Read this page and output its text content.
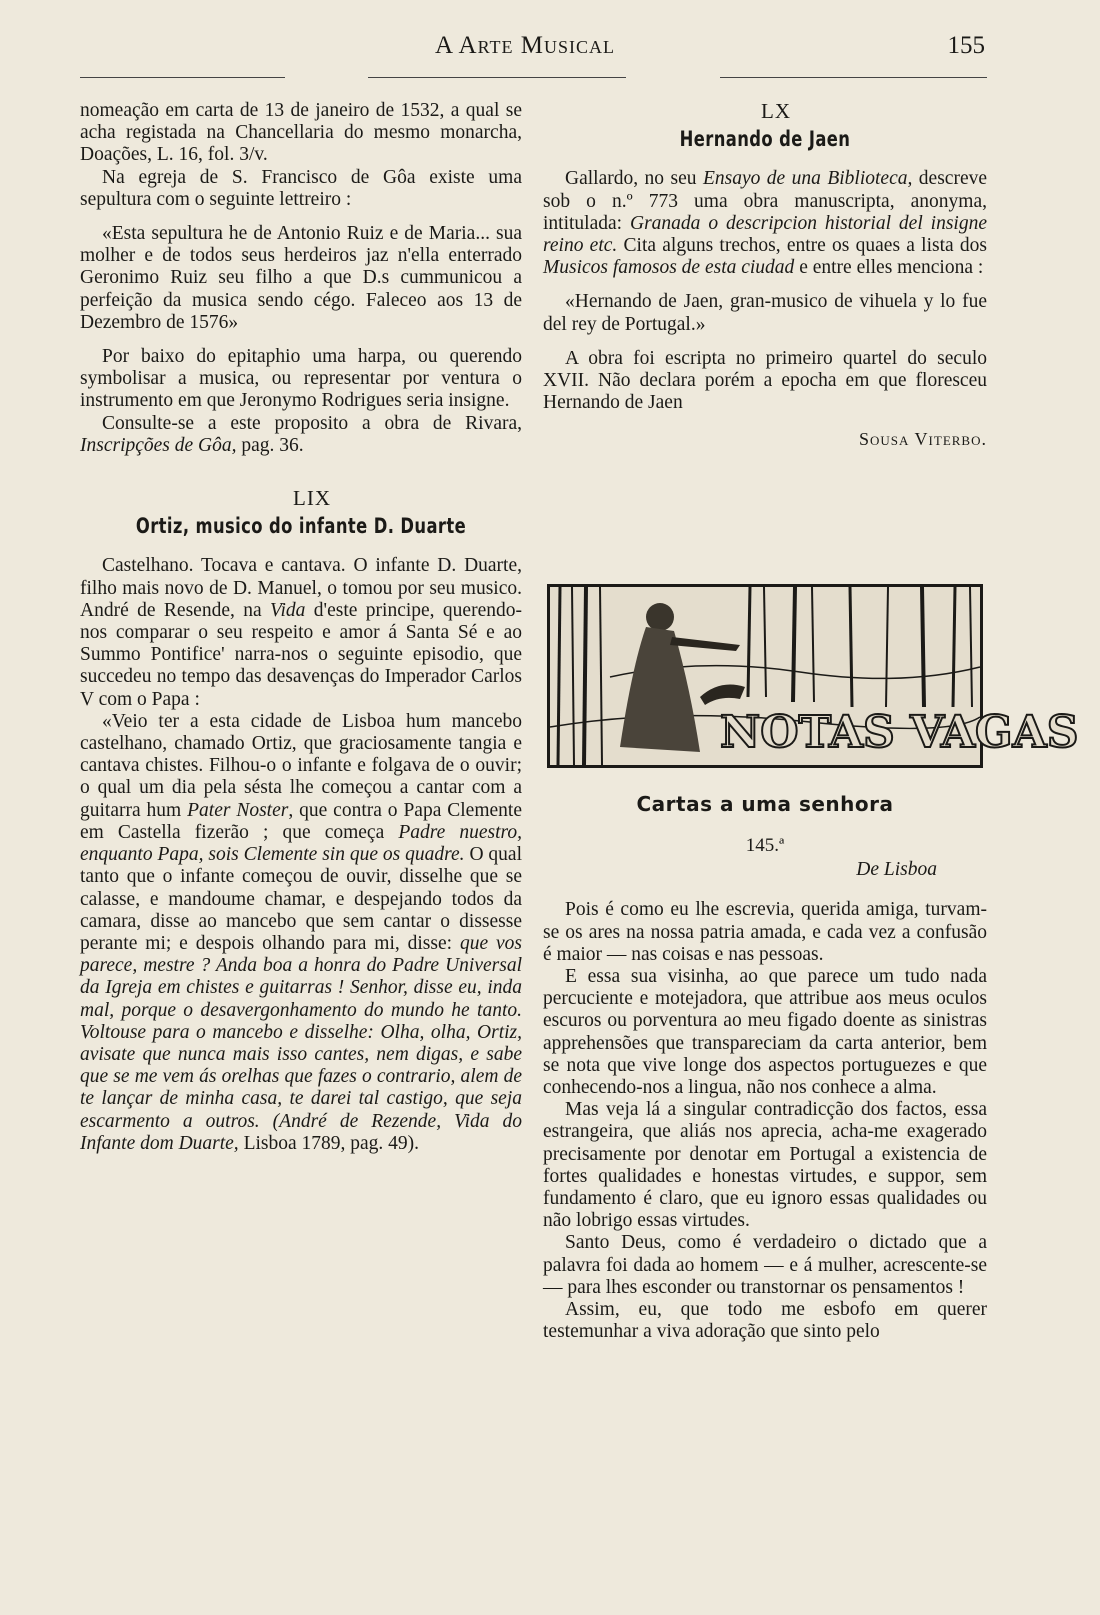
A Arte Musical	155

nomeação em carta de 13 de janeiro de 1532, a qual se acha registada na Chancellaria do mesmo monarcha, Doações, L. 16, fol. 3/v.

Na egreja de S. Francisco de Gôa existe uma sepultura com o seguinte lettreiro :

«Esta sepultura he de Antonio Ruiz e de Maria... sua molher e de todos seus herdeiros jaz n'ella enterrado Geronimo Ruiz seu filho a que D.s cummunicou a perfeição da musica sendo cégo. Faleceo aos 13 de Dezembro de 1576»

Por baixo do epitaphio uma harpa, ou querendo symbolisar a musica, ou representar por ventura o instrumento em que Jeronymo Rodrigues seria insigne.

Consulte-se a este proposito a obra de Rivara, Inscripções de Gôa, pag. 36.

LIX

Ortiz, musico do infante D. Duarte

Castelhano. Tocava e cantava. O infante D. Duarte, filho mais novo de D. Manuel, o tomou por seu musico. André de Resende, na Vida d'este principe, querendo-nos comparar o seu respeito e amor á Santa Sé e ao Summo Pontifice' narra-nos o seguinte episodio, que succedeu no tempo das desavenças do Imperador Carlos V com o Papa :

«Veio ter a esta cidade de Lisboa hum mancebo castelhano, chamado Ortiz, que graciosamente tangia e cantava chistes. Filhou-o o infante e folgava de o ouvir; o qual um dia pela sésta lhe começou a cantar com a guitarra hum Pater Noster, que contra o Papa Clemente em Castella fizerão ; que começa Padre nuestro, enquanto Papa, sois Clemente sin que os quadre. O qual tanto que o infante começou de ouvir, disselhe que se calasse, e mandoume chamar, e despejando todos da camara, disse ao mancebo que sem cantar o dissesse perante mi; e despois olhando para mi, disse: que vos parece, mestre ? Anda boa a honra do Padre Universal da Igreja em chistes e guitarras ! Senhor, disse eu, inda mal, porque o desavergonhamento do mundo he tanto. Voltouse para o mancebo e disselhe: Olha, olha, Ortiz, avisate que nunca mais isso cantes, nem digas, e sabe que se me vem ás orelhas que fazes o contrario, alem de te lançar de minha casa, te darei tal castigo, que seja escarmento a outros. (André de Rezende, Vida do Infante dom Duarte, Lisboa 1789, pag. 49).

LX

Hernando de Jaen

Gallardo, no seu Ensayo de una Biblioteca, descreve sob o n.º 773 uma obra manuscripta, anonyma, intitulada: Granada o descripcion historial del insigne reino etc. Cita alguns trechos, entre os quaes a lista dos Musicos famosos de esta ciudad e entre elles menciona :

«Hernando de Jaen, gran-musico de vihuela y lo fue del rey de Portugal.»

A obra foi escripta no primeiro quartel do seculo XVII. Não declara porém a epocha em que floresceu Hernando de Jaen

Sousa Viterbo.
NOTAS VAGAS
Cartas a uma senhora
145.ª
De Lisboa

Pois é como eu lhe escrevia, querida amiga, turvam-se os ares na nossa patria amada, e cada vez a confusão é maior — nas coisas e nas pessoas.

E essa sua visinha, ao que parece um tudo nada percuciente e motejadora, que attribue aos meus oculos escuros ou porventura ao meu figado doente as sinistras apprehensões que transpareciam da carta anterior, bem se nota que vive longe dos aspectos portuguezes e que conhecendo-nos a lingua, não nos conhece a alma.

Mas veja lá a singular contradicção dos factos, essa estrangeira, que aliás nos aprecia, acha-me exagerado precisamente por denotar em Portugal a existencia de fortes qualidades e honestas virtudes, e suppor, sem fundamento é claro, que eu ignoro essas qualidades ou não lobrigo essas virtudes.

Santo Deus, como é verdadeiro o dictado que a palavra foi dada ao homem — e á mulher, acrescente-se — para lhes esconder ou transtornar os pensamentos !

Assim, eu, que todo me esbofo em querer testemunhar a viva adoração que sinto pelo
